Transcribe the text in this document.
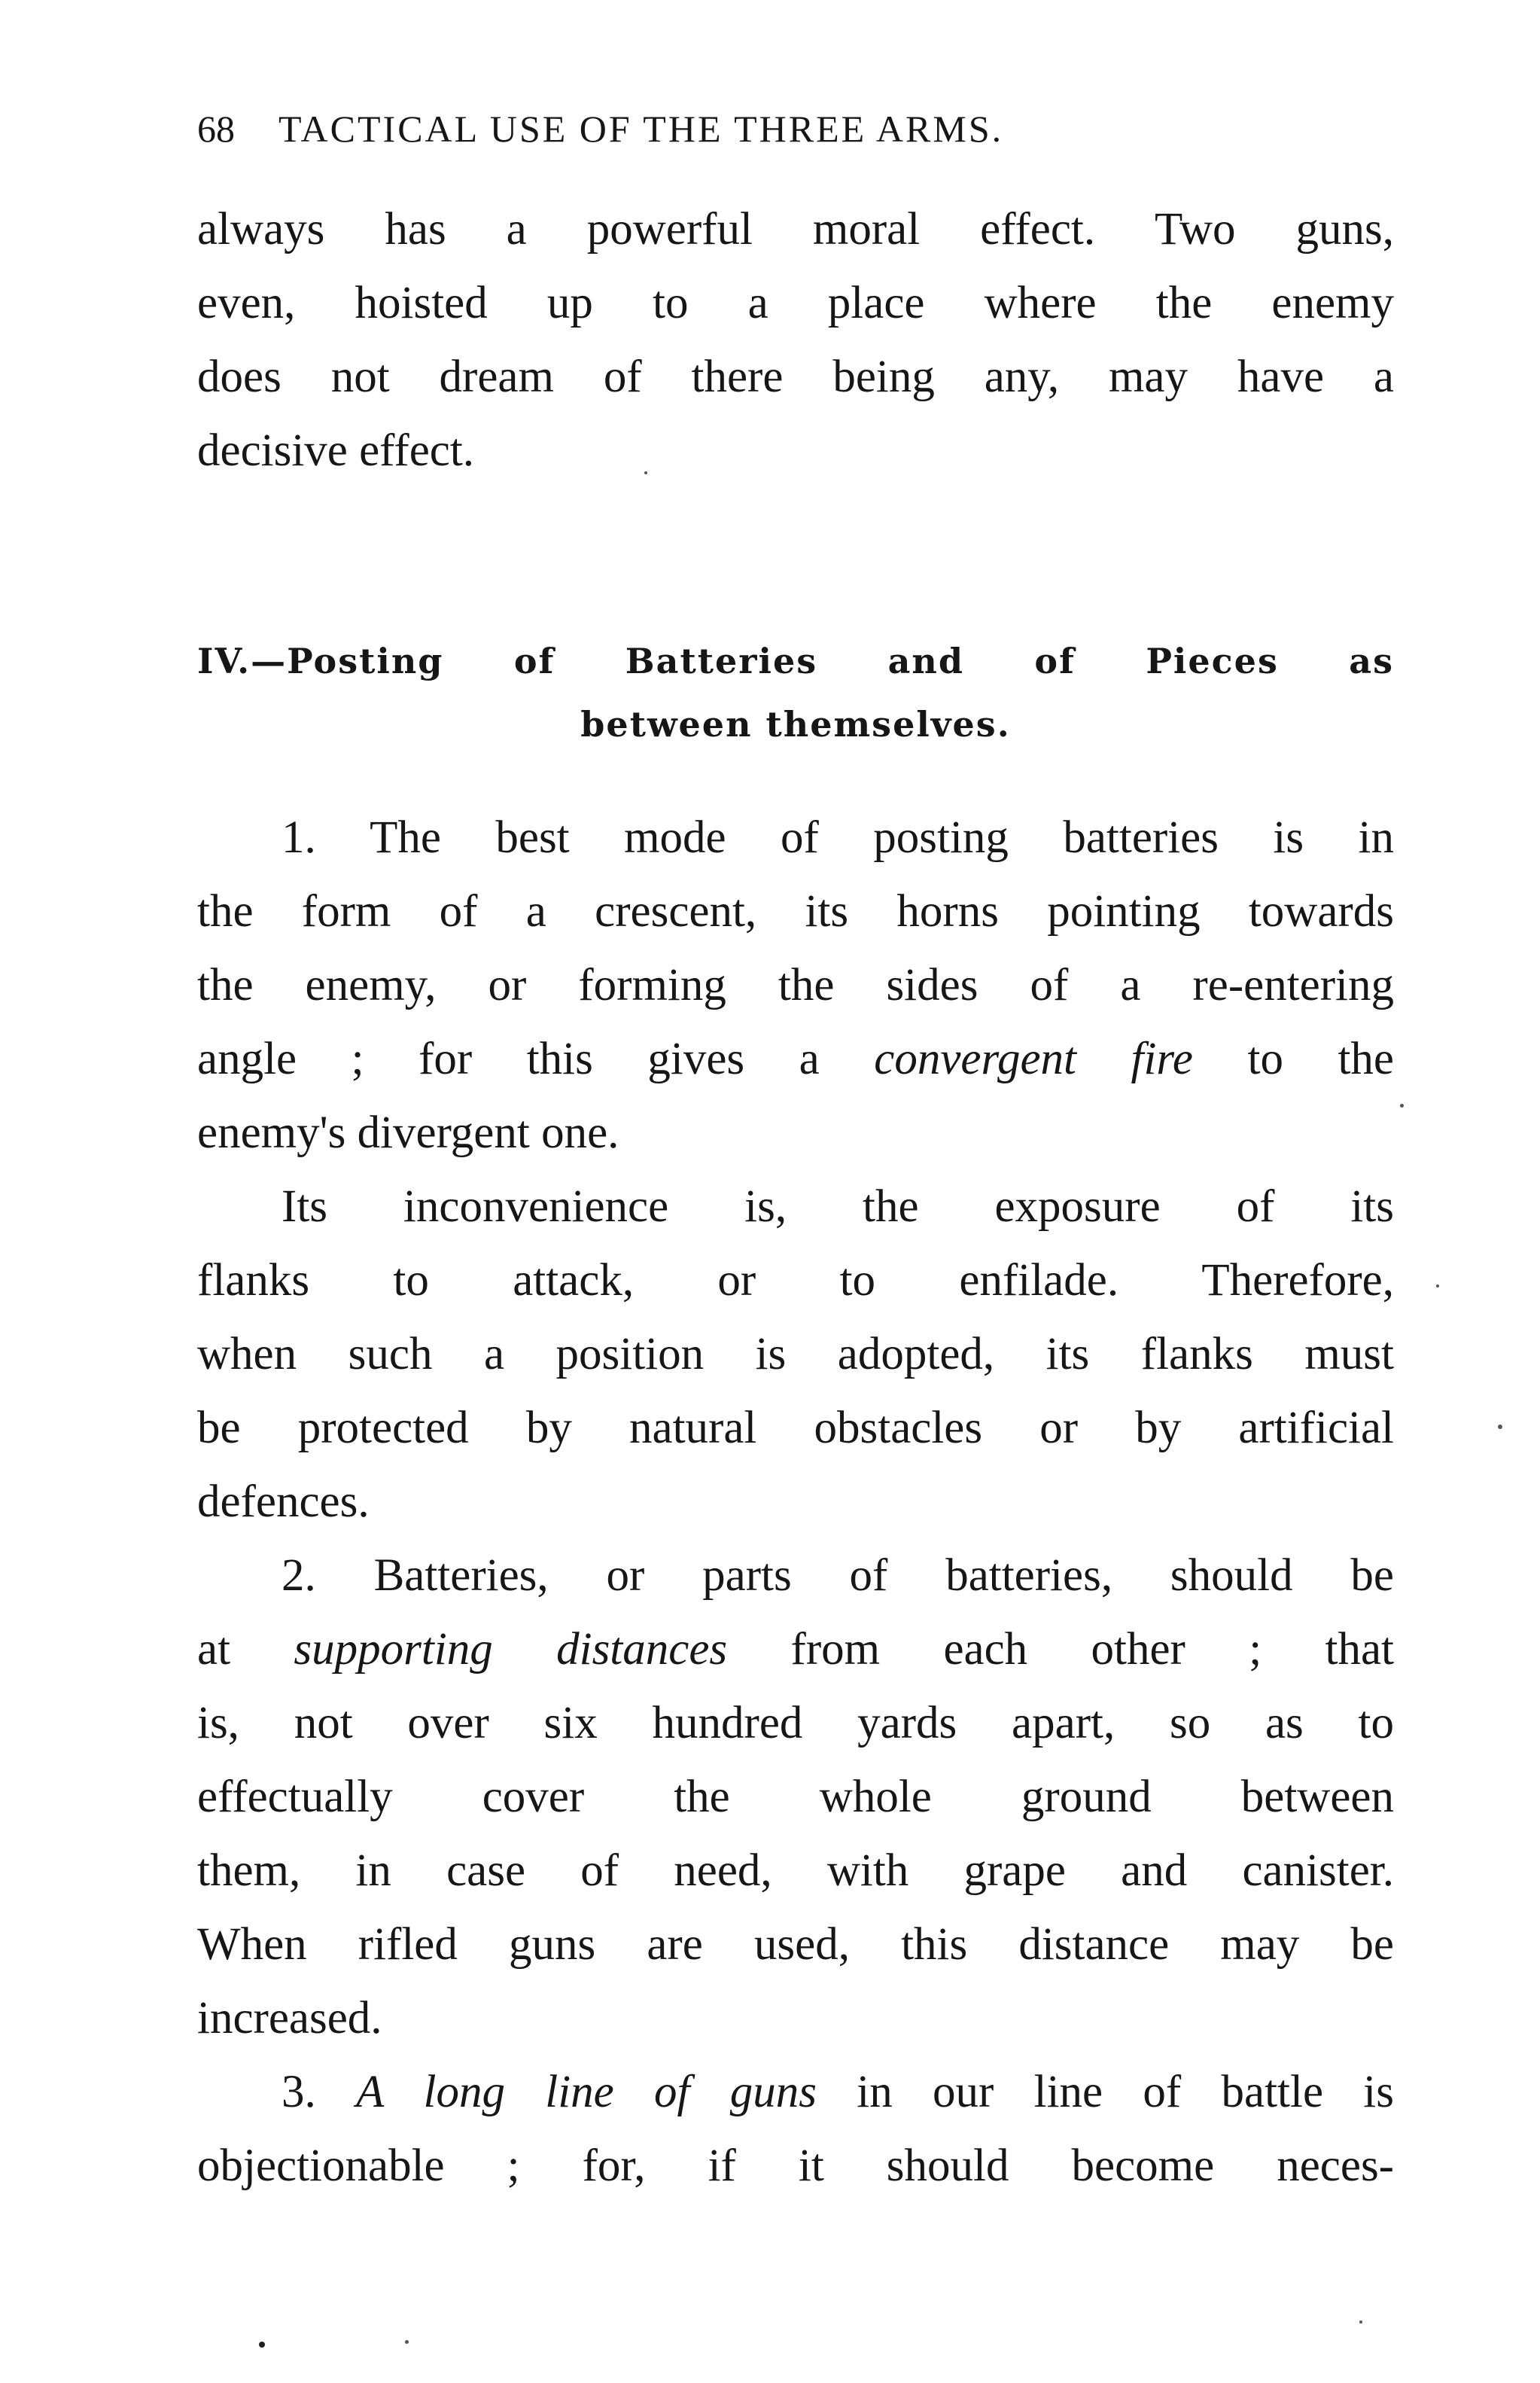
68 TACTICAL USE OF THE THREE ARMS.
always has a powerful moral effect. Two guns,
even, hoisted up to a place where the enemy
does not dream of there being any, may have a
decisive effect.
IV.—Posting of Batteries and of Pieces as
between themselves.
1. The best mode of posting batteries is in
the form of a crescent, its horns pointing towards
the enemy, or forming the sides of a re-entering
angle ; for this gives a convergent fire to the
enemy's divergent one.
Its inconvenience is, the exposure of its
flanks to attack, or to enfilade. Therefore,
when such a position is adopted, its flanks must
be protected by natural obstacles or by artificial
defences.
2. Batteries, or parts of batteries, should be
at supporting distances from each other ; that
is, not over six hundred yards apart, so as to
effectually cover the whole ground between
them, in case of need, with grape and canister.
When rifled guns are used, this distance may be
increased.
3. A long line of guns in our line of battle is
objectionable ; for, if it should become neces-
